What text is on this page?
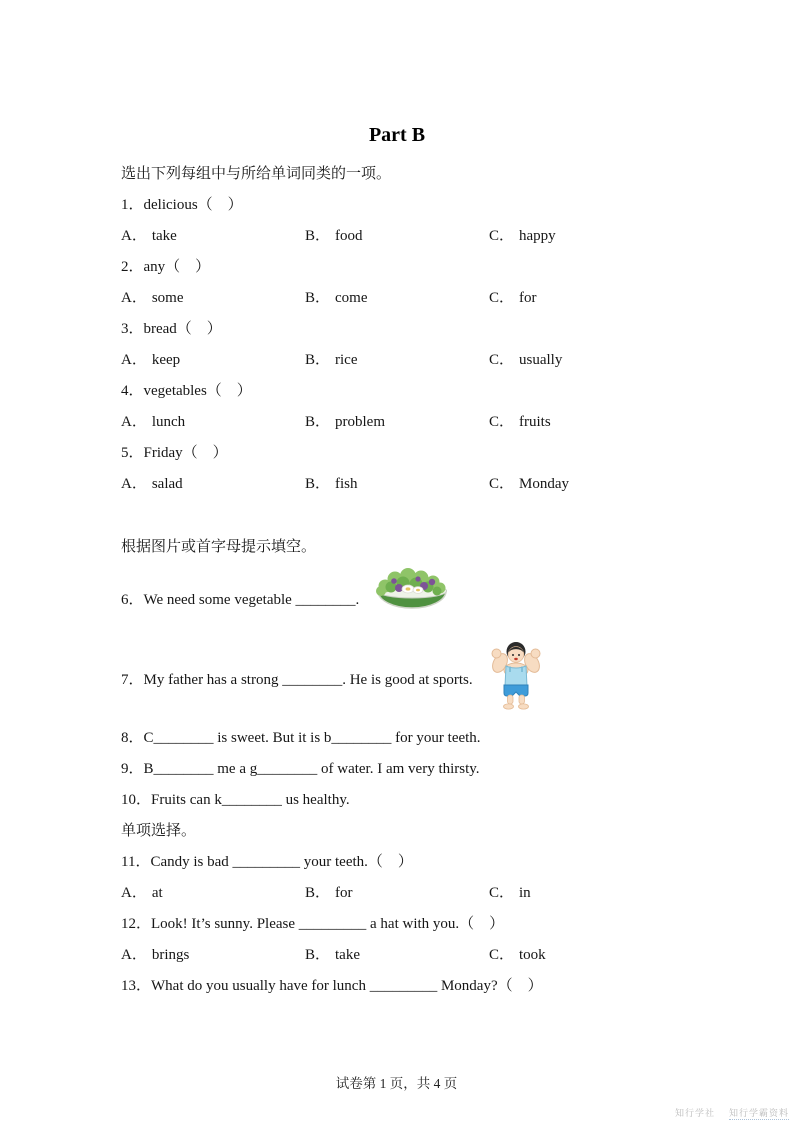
Part B
选出下列每组中与所给单词同类的一项。
1．delicious（　）
A． take	B． food	C． happy
2．any（　）
A． some	B． come	C． for
3．bread（　）
A． keep	B． rice	C． usually
4．vegetables（　）
A． lunch	B． problem	C． fruits
5．Friday（　）
A． salad	B． fish	C． Monday
根据图片或首字母提示填空。
6．We need some vegetable ________.
7．My father has a strong ________. He is good at sports.
8．C________ is sweet. But it is b________ for your teeth.
9．B________ me a g________ of water. I am very thirsty.
10．Fruits can k________ us healthy.
单项选择。
11．Candy is bad _________ your teeth.（　）
A． at	B． for	C． in
12．Look! It’s sunny. Please _________ a hat with you.（　）
A． brings	B． take	C． took
13．What do you usually have for lunch _________ Monday?（　）
试卷第 1 页，共 4 页
知行学社 知行学霸资料
